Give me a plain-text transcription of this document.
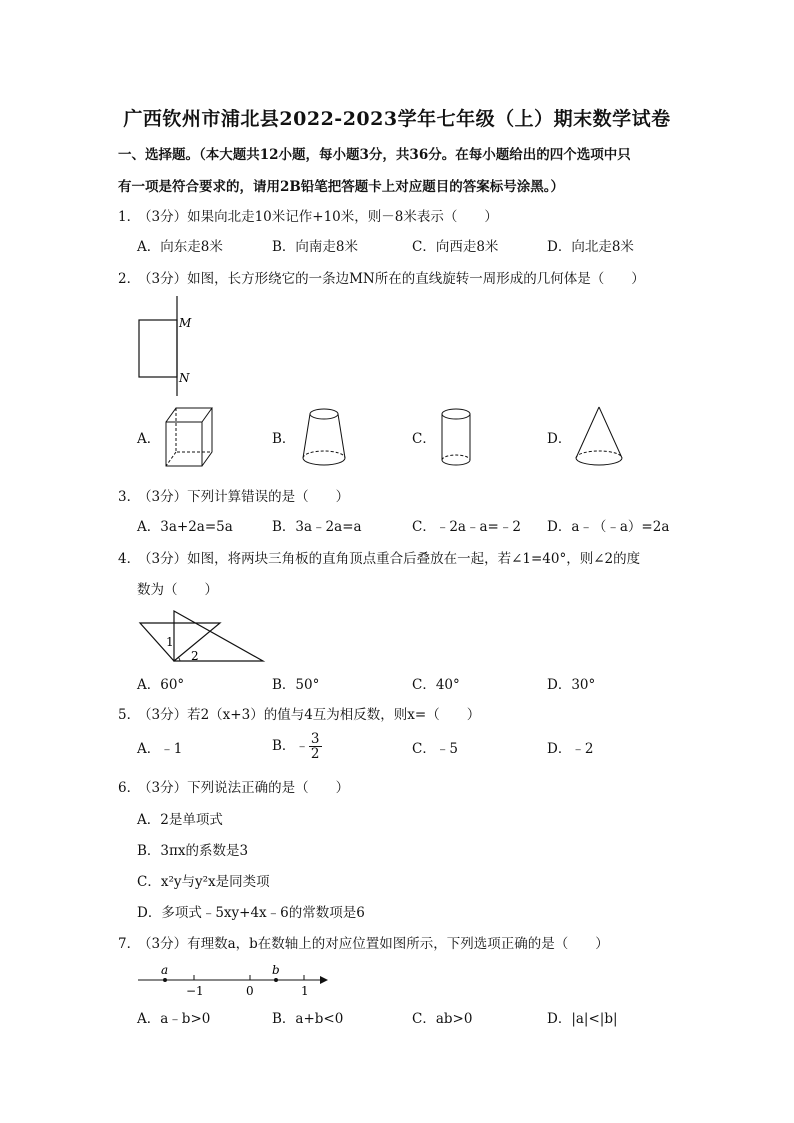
广西钦州市浦北县2022-2023学年七年级（上）期末数学试卷
一、选择题。（本大题共12小题，每小题3分，共36分。在每小题给出的四个选项中只
有一项是符合要求的，请用2B铅笔把答题卡上对应题目的答案标号涂黑。）
1．（3分）如果向北走10米记作+10米，则－8米表示（　　）
A．向东走8米	B．向南走8米	C．向西走8米	D．向北走8米
2．（3分）如图，长方形绕它的一条边MN所在的直线旋转一周形成的几何体是（　　）
M
N
A．	B．	C．	D．
3．（3分）下列计算错误的是（　　）
A．3a+2a=5a	B．3a﹣2a=a	C．﹣2a﹣a=﹣2 D．a﹣（﹣a）=2a
4．（3分）如图，将两块三角板的直角顶点重合后叠放在一起，若∠1=40°，则∠2的度
数为（　　）
1
2
A．60°	B．50°	C．40°	D．30°
5．（3分）若2（x+3）的值与4互为相反数，则x=（　　）
A．﹣1	B．﹣ $\frac{3}{2}$	C．﹣5	D．﹣2
6．（3分）下列说法正确的是（　　）
A．2是单项式
B．3πx的系数是3
C．x²y与y²x是同类项
D．多项式﹣5xy+4x﹣6的常数项是6
7．（3分）有理数a，b在数轴上的对应位置如图所示，下列选项正确的是（　　）
a	b
−1	0	1
A．a﹣b>0	B．a+b<0	C．ab>0	D．|a|<|b|
